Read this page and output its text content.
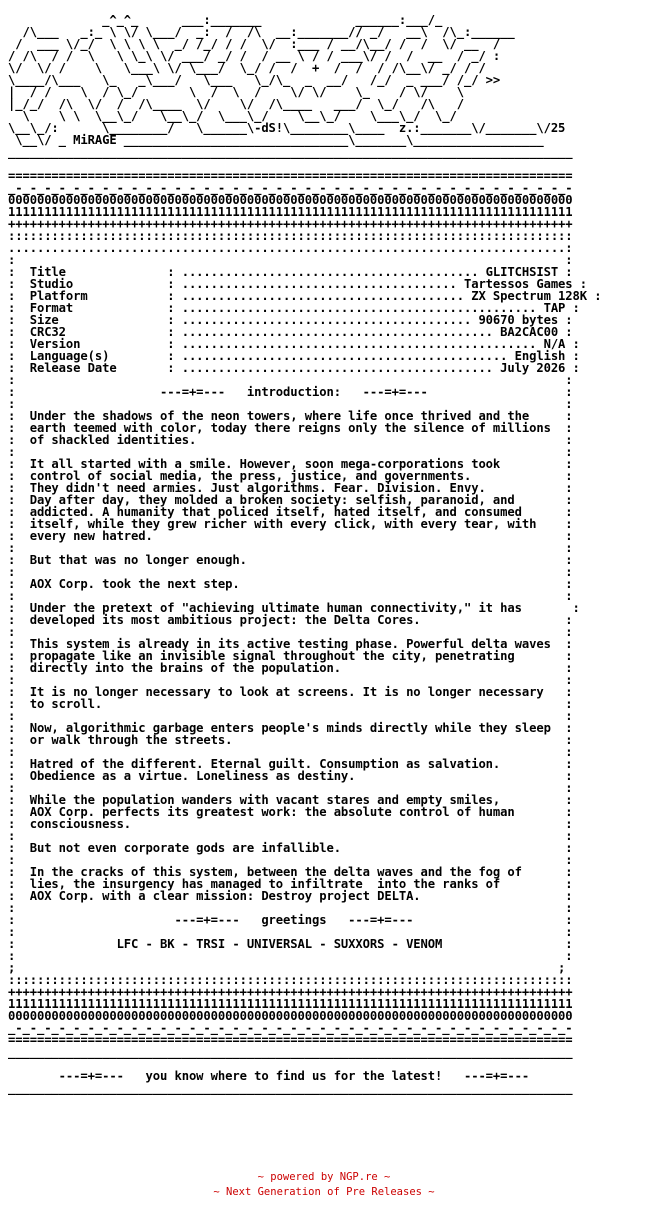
_^_^_      ___:_______             ______:___/_
/\___   _:_ \ \/ \___/  _:  /  /\  __:_______// _/   __\  /\_:______
/  ___ \/_/  \ \ \ \  _/ /_/ / /  \/  :___ / __/\__/ /  /  \/ __  /
/ /\  / /  \   \ \_\ \/ ___/ _/ /  / __ \ / / ___\/ /  /  __  / _/ :
\/  \/ /    \   \___\ \/ \___/  \_/ /  /  +  /  /  / /\__\/ _/ / /
\____/\___   \_   _\___/   \___   \_/\_  _  __/   /_/  _ ___/ /_/ >>
|  / /    \  / \_/       \  /  \  /    \/ \/    \_    / \/    \
|_/_/  /\  \/  /  /\____  \/    \/  /\____   ___/  \_/   /\   /
\    \ \  \__\_/   \__\_/  \___\_/    \__\_/    \___\_/  \_/
\__\_/:      \________/   \______\-dS!\________\____  z.:_______\/_______\/25
\__\/ _ MiRAGE _______________________________\_______\__________________
______________________________________________________________________________

==============================================================================
_-_-_-_-_-_-_-_-_-_-_-_-_-_-_-_-_-_-_-_-_-_-_-_-_-_-_-_-_-_-_-_-_-_-_-_-_-_-_-
000000000000000000000000000000000000000000000000000000000000000000000000000000
111111111111111111111111111111111111111111111111111111111111111111111111111111
++++++++++++++++++++++++++++++++++++++++++++++++++++++++++++++++++++++++++++++
::::::::::::::::::::::::::::::::::::::::::::::::::::::::::::::::::::::::::::::
.............................................................................:
:                                                                            :
:  Title              : ......................................... GLITCHSIST :
:  Studio             : ...................................... Tartessos Games :
:  Platform           : ....................................... ZX Spectrum 128K :
:  Format             : ................................................. TAP :
:  Size               : ........................................ 90670 bytes :
:  CRC32              : ........................................... BA2CAC00 :
:  Version            : ................................................. N/A :
:  Language(s)        : ............................................. English :
:  Release Date       : ........................................... July 2026 :
:                                                                            :
:                    ---=+=---   introduction:   ---=+=---                   :
:                                                                            :
:  Under the shadows of the neon towers, where life once thrived and the     :
:  earth teemed with color, today there reigns only the silence of millions  :
:  of shackled identities.                                                   :
:                                                                            :
:  It all started with a smile. However, soon mega-corporations took         :
:  control of social media, the press, justice, and governments.             :
:  They didn't need armies. Just algorithms. Fear. Division. Envy.           :
:  Day after day, they molded a broken society: selfish, paranoid, and       :
:  addicted. A humanity that policed itself, hated itself, and consumed      :
:  itself, while they grew richer with every click, with every tear, with    :
:  every new hatred.                                                         :
:                                                                            :
:  But that was no longer enough.                                            :
:                                                                            :
:  AOX Corp. took the next step.                                             :
:                                                                            :
:  Under the pretext of "achieving ultimate human connectivity," it has       :
:  developed its most ambitious project: the Delta Cores.                    :
:                                                                            :
:  This system is already in its active testing phase. Powerful delta waves  :
:  propagate like an invisible signal throughout the city, penetrating       :
:  directly into the brains of the population.                               :
:                                                                            :
:  It is no longer necessary to look at screens. It is no longer necessary   :
:  to scroll.                                                                :
:                                                                            :
:  Now, algorithmic garbage enters people's minds directly while they sleep  :
:  or walk through the streets.                                              :
:                                                                            :
:  Hatred of the different. Eternal guilt. Consumption as salvation.         :
:  Obedience as a virtue. Loneliness as destiny.                             :
:                                                                            :
:  While the population wanders with vacant stares and empty smiles,         :
:  AOX Corp. perfects its greatest work: the absolute control of human       :
:  consciousness.                                                            :
:                                                                            :
:  But not even corporate gods are infallible.                               :
:                                                                            :
:  In the cracks of this system, between the delta waves and the fog of      :
:  lies, the insurgency has managed to infiltrate  into the ranks of         :
:  AOX Corp. with a clear mission: Destroy project DELTA.                    :
:                                                                            :
:                      ---=+=---   greetings   ---=+=---                     :
:                                                                            :
:              LFC - BK - TRSI - UNIVERSAL - SUXXORS - VENOM                 :
:                                                                            :
;                                                                           ;
::::::::::::::::::::::::::::::::::::::::::::::::::::::::::::::::::::::::::::::
++++++++++++++++++++++++++++++++++++++++++++++++++++++++++++++++++++++++++++++
111111111111111111111111111111111111111111111111111111111111111111111111111111
000000000000000000000000000000000000000000000000000000000000000000000000000000
_-_-_-_-_-_-_-_-_-_-_-_-_-_-_-_-_-_-_-_-_-_-_-_-_-_-_-_-_-_-_-_-_-_-_-_-_-_-_-
==============================================================================
______________________________________________________________________________

---=+=---   you know where to find us for the latest!   ---=+=---
______________________________________________________________________________
~ powered by NGP.re ~
~ Next Generation of Pre Releases ~
